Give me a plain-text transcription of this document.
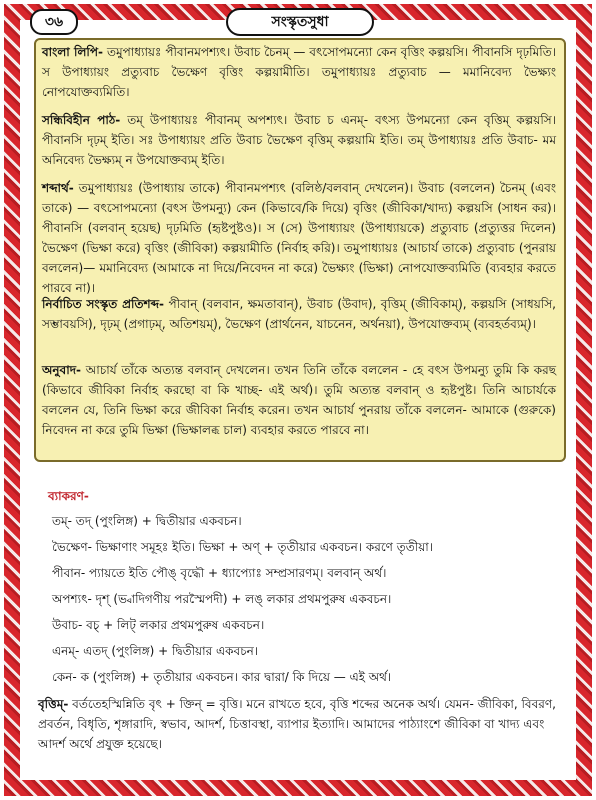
৩৬	সংস্কৃতসুধা
বাংলা লিপি- তমুপাধ্যায়ঃ পীবানমপশ্যৎ। উবাচ চৈনম্ — বৎসোপমন্যো কেন বৃত্তিং কল্পয়সি। পীবানসি দৃঢ়মিতি। স উপাধ্যায়ং প্রত্যুবাচ ভৈক্ষেণ বৃত্তিং কল্পয়ামীতি। তমুপাধ্যায়ঃ প্রত্যুবাচ — মমানিবেদ্য ভৈক্ষ্যং নোপযোক্তব্যমিতি।
সন্ধিবিহীন পাঠ- তম্ উপাধ্যায়ঃ পীবানম্ অপশ্যৎ। উবাচ চ এনম্- বৎস্য উপমন্যো কেন বৃত্তিম্ কল্পয়সি। পীবানসি দৃঢ়ম্ ইতি। সঃ উপাধ্যায়ং প্রতি উবাচ ভৈক্ষেণ বৃত্তিম্ কল্পয়ামি ইতি। তম্ উপাধ্যায়ঃ প্রতি উবাচ- মম অনিবেদ্য ভৈক্ষ্যম্ ন উপযোক্তব্যম্ ইতি।
শব্দার্থ- তমুপাধ্যায়ঃ (উপাধ্যায় তাকে) পীবানমপশ্যৎ (বলিষ্ঠ/বলবান্ দেখলেন)। উবাচ (বললেন) চৈনম্ (এবং তাকে) — বৎসোপমন্যো (বৎস উপমন্যু) কেন (কিভাবে/কি দিয়ে) বৃত্তিং (জীবিকা/খাদ্য) কল্পয়সি (সাধন কর)। পীবানসি (বলবান্ হয়েছ) দৃঢ়মিতি (হৃষ্টপুষ্টও)। স (সে) উপাধ্যায়ং (উপাধ্যায়কে) প্রত্যুবাচ (প্রত্যুত্তর দিলেন) ভৈক্ষেণ (ভিক্ষা করে) বৃত্তিং (জীবিকা) কল্পয়ামীতি (নির্বাহ করি)। তমুপাধ্যায়ঃ (আচার্য তাকে) প্রত্যুবাচ (পুনরায় বললেন)— মমানিবেদ্য (আমাকে না দিয়ে/নিবেদন না করে) ভৈক্ষ্যং (ভিক্ষা) নোপযোক্তব্যমিতি (ব্যবহার করতে পারবে না)।
নির্বাচিত সংস্কৃত প্রতিশব্দ- পীবান্ (বলবান, ক্ষমতাবান্), উবাচ (উবাদ), বৃত্তিম্ (জীবিকাম্), কল্পয়সি (সাধয়সি, সম্ভাবয়সি), দৃঢ়ম্ (প্রগাঢ়ম্, অতিশয়ম্), ভৈক্ষেণ (প্রার্থনেন, যাচনেন, অর্থনয়া), উপযোক্তব্যম্ (ব্যবহর্তব্যম্)।
অনুবাদ- আচার্য তাঁকে অত্যন্ত বলবান্ দেখলেন। তখন তিনি তাঁকে বললেন - হে বৎস উপমন্যু তুমি কি করছ (কিভাবে জীবিকা নির্বাহ করছো বা কি খাচ্ছ- এই অর্থ)। তুমি অত্যন্ত বলবান্ ও হৃষ্টপুষ্ট। তিনি আচার্যকে বললেন যে, তিনি ভিক্ষা করে জীবিকা নির্বাহ করেন। তখন আচার্য পুনরায় তাঁকে বললেন- আমাকে (গুরুকে) নিবেদন না করে তুমি ভিক্ষা (ভিক্ষালব্ধ চাল) ব্যবহার করতে পারবে না।
ব্যাকরণ-
তম্- তদ্ (পুংলিঙ্গ) + দ্বিতীয়ার একবচন।
ভৈক্ষেণ- ভিক্ষাণাং সমূহঃ ইতি। ভিক্ষা + অণ্ + তৃতীয়ার একবচন। করণে তৃতীয়া।
পীবান- প্যায়তে ইতি পৌঙ্ বৃদ্ধৌ + ধ্যাপ্যোঃ সম্প্রসারণম্। বলবান্ অর্থ।
অপশ্যৎ- দৃশ্ (ভ্বাদিগণীয় পরস্মৈপদী) + লঙ্ লকার প্রথমপুরুষ একবচন।
উবাচ- বচ্ + লিট্ লকার প্রথমপুরুষ একবচন।
এনম্- এতদ্ (পুংলিঙ্গ) + দ্বিতীয়ার একবচন।
কেন- ক (পুংলিঙ্গ) + তৃতীয়ার একবচন। কার দ্বারা/ কি দিয়ে — এই অর্থ।
বৃত্তিম্- বর্ততেহস্মিন্নিতি বৃৎ + ক্তিন্ = বৃত্তি। মনে রাখতে হবে, বৃত্তি শব্দের অনেক অর্থ। যেমন- জীবিকা, বিবরণ, প্রবর্তন, বিধৃতি, শৃঙ্গারাদি, স্বভাব, আদর্শ, চিত্তাবস্থা, ব্যাপার ইত্যাদি। আমাদের পাঠ্যাংশে জীবিকা বা খাদ্য এবং আদর্শ অর্থে প্রযুক্ত হয়েছে।
